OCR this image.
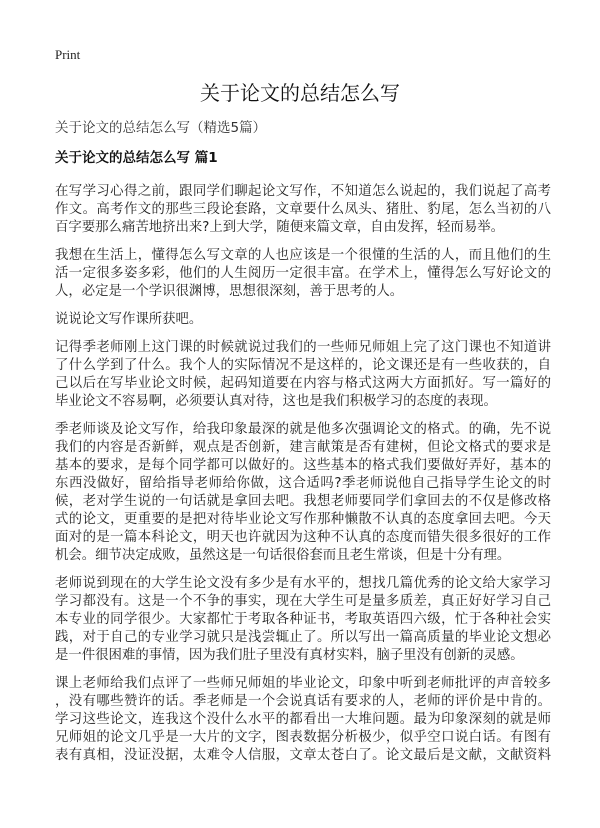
Print
关于论文的总结怎么写
关于论文的总结怎么写（精选5篇）
关于论文的总结怎么写 篇1
在写学习心得之前，跟同学们聊起论文写作，不知道怎么说起的，我们说起了高考
作文。高考作文的那些三段论套路，文章要什么凤头、猪肚、豹尾，怎么当初的八
百字要那么痛苦地挤出来?上到大学，随便来篇文章，自由发挥，轻而易举。
我想在生活上，懂得怎么写文章的人也应该是一个很懂的生活的人，而且他们的生
活一定很多姿多彩，他们的人生阅历一定很丰富。在学术上，懂得怎么写好论文的
人，必定是一个学识很渊博，思想很深刻，善于思考的人。
说说论文写作课所获吧。
记得季老师刚上这门课的时候就说过我们的一些师兄师姐上完了这门课也不知道讲
了什么学到了什么。我个人的实际情况不是这样的，论文课还是有一些收获的，自
己以后在写毕业论文时候，起码知道要在内容与格式这两大方面抓好。写一篇好的
毕业论文不容易啊，必须要认真对待，这也是我们积极学习的态度的表现。
季老师谈及论文写作，给我印象最深的就是他多次强调论文的格式。的确，先不说
我们的内容是否新鲜，观点是否创新，建言献策是否有建树，但论文格式的要求是
基本的要求，是每个同学都可以做好的。这些基本的格式我们要做好弄好，基本的
东西没做好，留给指导老师给你做，这合适吗?季老师说他自己指导学生论文的时
候，老对学生说的一句话就是拿回去吧。我想老师要同学们拿回去的不仅是修改格
式的论文，更重要的是把对待毕业论文写作那种懒散不认真的态度拿回去吧。今天
面对的是一篇本科论文，明天也许就因为这种不认真的态度而错失很多很好的工作
机会。细节决定成败，虽然这是一句话很俗套而且老生常谈，但是十分有理。
老师说到现在的大学生论文没有多少是有水平的，想找几篇优秀的论文给大家学习
学习都没有。这是一个不争的事实，现在大学生可是量多质差，真正好好学习自己
本专业的同学很少。大家都忙于考取各种证书，考取英语四六级，忙于各种社会实
践，对于自己的专业学习就只是浅尝辄止了。所以写出一篇高质量的毕业论文想必
是一件很困难的事情，因为我们肚子里没有真材实料，脑子里没有创新的灵感。
课上老师给我们点评了一些师兄师姐的毕业论文，印象中听到老师批评的声音较多
，没有哪些赞许的话。季老师是一个会说真话有要求的人，老师的评价是中肯的。
学习这些论文，连我这个没什么水平的都看出一大堆问题。最为印象深刻的就是师
兄师姐的论文几乎是一大片的文字，图表数据分析极少，似乎空口说白话。有图有
表有真相，没证没据，太难令人信服，文章太苍白了。论文最后是文献，文献资料
